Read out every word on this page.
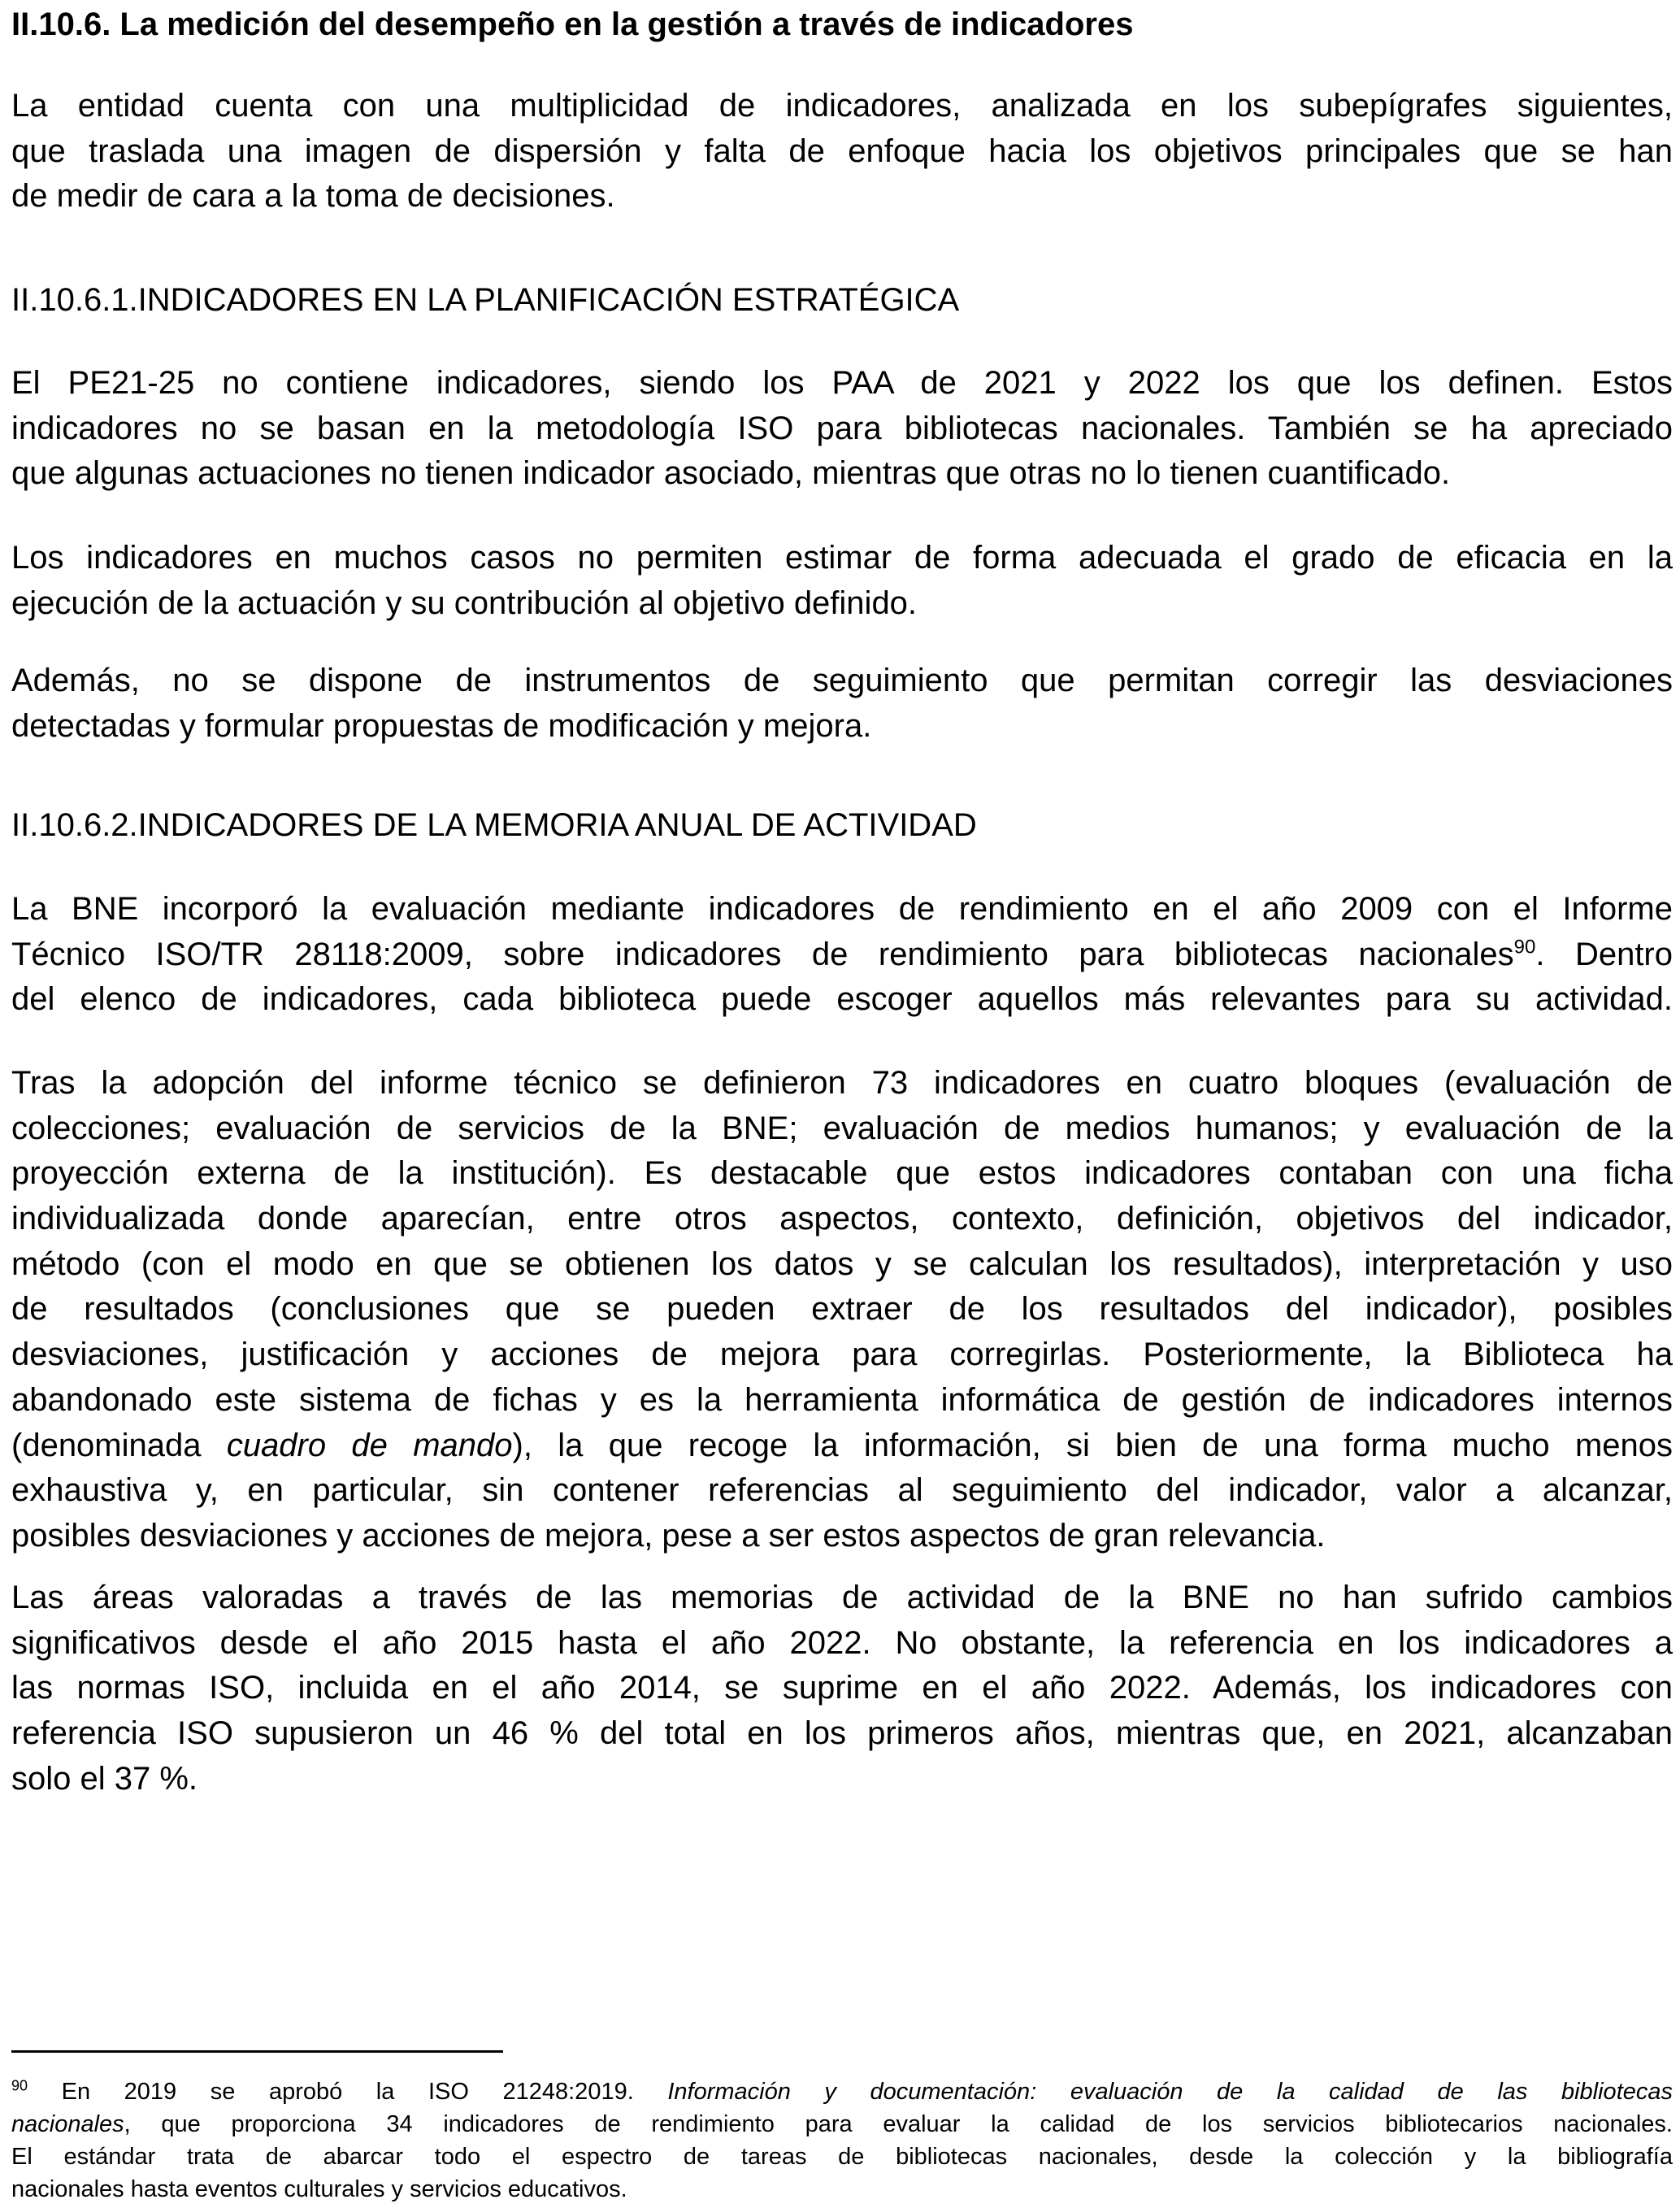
II.10.6. La medición del desempeño en la gestión a través de indicadores
La entidad cuenta con una multiplicidad de indicadores, analizada en los subepígrafes siguientes,
que traslada una imagen de dispersión y falta de enfoque hacia los objetivos principales que se han
de medir de cara a la toma de decisiones.
II.10.6.1.INDICADORES EN LA PLANIFICACIÓN ESTRATÉGICA
El PE21-25 no contiene indicadores, siendo los PAA de 2021 y 2022 los que los definen. Estos
indicadores no se basan en la metodología ISO para bibliotecas nacionales. También se ha apreciado
que algunas actuaciones no tienen indicador asociado, mientras que otras no lo tienen cuantificado.
Los indicadores en muchos casos no permiten estimar de forma adecuada el grado de eficacia en la
ejecución de la actuación y su contribución al objetivo definido.
Además, no se dispone de instrumentos de seguimiento que permitan corregir las desviaciones
detectadas y formular propuestas de modificación y mejora.
II.10.6.2.INDICADORES DE LA MEMORIA ANUAL DE ACTIVIDAD
La BNE incorporó la evaluación mediante indicadores de rendimiento en el año 2009 con el Informe
Técnico ISO/TR 28118:2009, sobre indicadores de rendimiento para bibliotecas nacionales$^{90}$. Dentro
del elenco de indicadores, cada biblioteca puede escoger aquellos más relevantes para su actividad.
Tras la adopción del informe técnico se definieron 73 indicadores en cuatro bloques (evaluación de
colecciones; evaluación de servicios de la BNE; evaluación de medios humanos; y evaluación de la
proyección externa de la institución). Es destacable que estos indicadores contaban con una ficha
individualizada donde aparecían, entre otros aspectos, contexto, definición, objetivos del indicador,
método (con el modo en que se obtienen los datos y se calculan los resultados), interpretación y uso
de resultados (conclusiones que se pueden extraer de los resultados del indicador), posibles
desviaciones, justificación y acciones de mejora para corregirlas. Posteriormente, la Biblioteca ha
abandonado este sistema de fichas y es la herramienta informática de gestión de indicadores internos
(denominada cuadro de mando), la que recoge la información, si bien de una forma mucho menos
exhaustiva y, en particular, sin contener referencias al seguimiento del indicador, valor a alcanzar,
posibles desviaciones y acciones de mejora, pese a ser estos aspectos de gran relevancia.
Las áreas valoradas a través de las memorias de actividad de la BNE no han sufrido cambios
significativos desde el año 2015 hasta el año 2022. No obstante, la referencia en los indicadores a
las normas ISO, incluida en el año 2014, se suprime en el año 2022. Además, los indicadores con
referencia ISO supusieron un 46 % del total en los primeros años, mientras que, en 2021, alcanzaban
solo el 37 %.
$^{90}$ En 2019 se aprobó la ISO 21248:2019. Información y documentación: evaluación de la calidad de las bibliotecas
nacionales, que proporciona 34 indicadores de rendimiento para evaluar la calidad de los servicios bibliotecarios nacionales.
El estándar trata de abarcar todo el espectro de tareas de bibliotecas nacionales, desde la colección y la bibliografía
nacionales hasta eventos culturales y servicios educativos.
